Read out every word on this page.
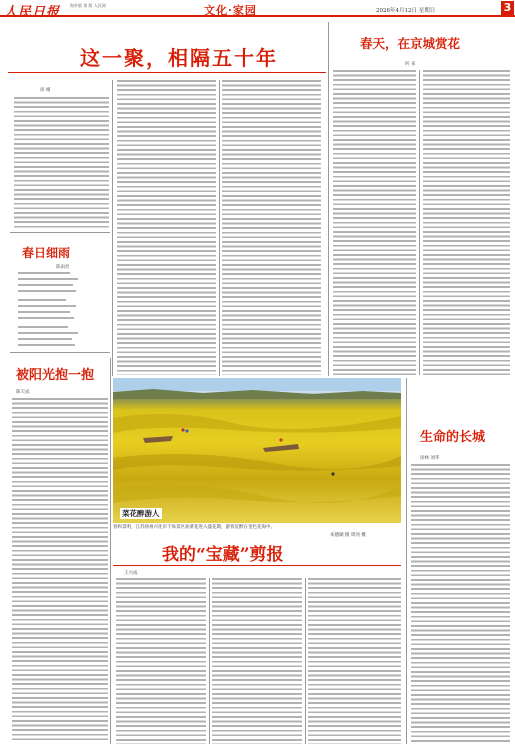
人民日报 海外版 第 版 人民网	文化·家园	2026年4月12日 星期日	3
这一聚，相隔五十年
徐 刚
春天，在京城赏花
何 来
春日细雨
陈雨丝
被阳光抱一抱
陈天成
菜花醉游人
春和景明，江苏扬州兴化市千垛景区油菜花进入盛花期，游客沉醉在金色花海中。
朱德湖 摄 周河 摄
生命的长城
徐林 刘华
我的“宝藏”剪报
王兴成
